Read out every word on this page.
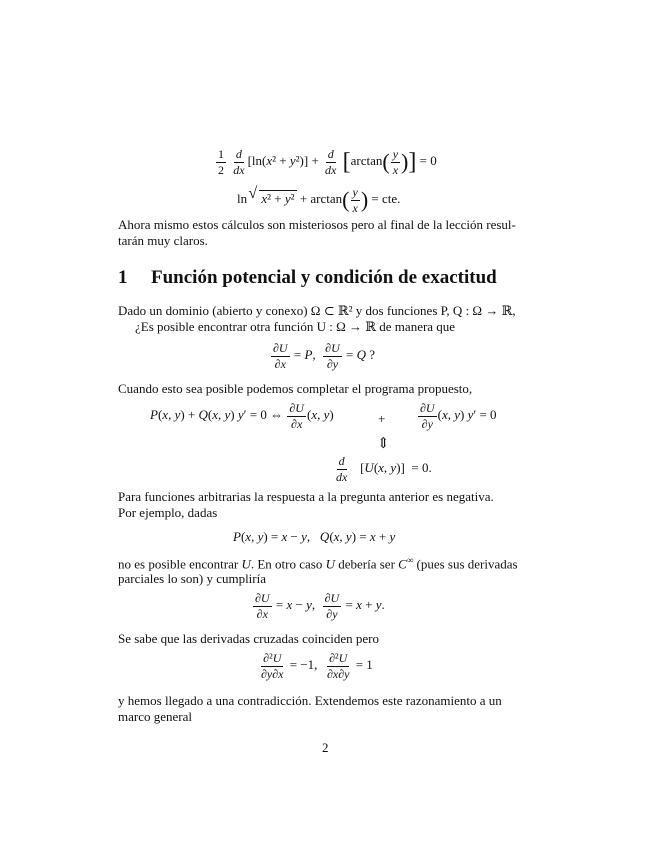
$\frac{1}{2}$
$\frac{d}{dx} [\ln(x^2 + y^2)] + \frac{d}{dx} [\arctan( \frac{y}{x}$ )] = 0
ln √ $x^2 + y^2 + \arctan( \frac{y}{x}$ ) = cte.
Ahora mismo estos cálculos son misteriosos pero al final de la lección resul-
tarán muy claros.
1 Función potencial y condición de exactitud
Dado un dominio (abierto y conexo) Ω ⊂ ℝ² y dos funciones P, Q : Ω → ℝ,
¿Es posible encontrar otra función U : Ω → ℝ de manera que
$\frac{\partial U}{\partial x} = P$, $\frac{\partial U}{\partial y} = Q$ ?
Cuando esto sea posible podemos completar el programa propuesto,
P(x, y) + Q(x, y) y′ = 0 ⇔ $\frac{\partial U}{\partial x} (x$, y)	+	$\frac{\partial U}{\partial y} (x$, y) y′ = 0
⇕
$\frac{d}{dx} [U(x$, y)]  = 0.
Para funciones arbitrarias la respuesta a la pregunta anterior es negativa.
Por ejemplo, dadas
P(x, y) = x − y,   Q(x, y) = x + y
no es posible encontrar U. En otro caso U debería ser C∞ (pues sus derivadas
parciales lo son) y cumpliría
$\frac{\partial U}{\partial x} = x - y$, $\frac{\partial U}{\partial y} = x + y$.
Se sabe que las derivadas cruzadas coinciden pero
$\frac{\text{∂²U}}{\partial y\partial x} = -1$, $\frac{\text{∂²U}}{\partial x\partial y} = 1$
y hemos llegado a una contradicción. Extendemos este razonamiento a un
marco general
2
